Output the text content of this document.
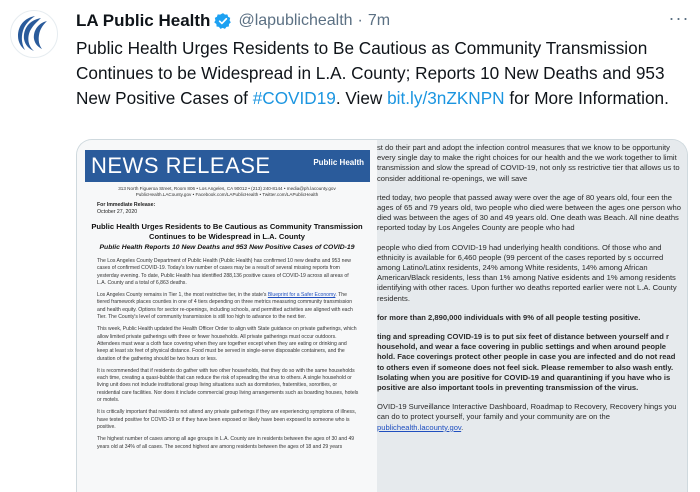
LA Public Health @lapublichealth · 7m	···
Public Health Urges Residents to Be Cautious as Community Transmission Continues to be Widespread in L.A. County; Reports 10 New Deaths and 953 New Positive Cases of #COVID19. View bit.ly/3nZKNPN for More Information.
NEWS RELEASE	Public Health
313 North Figueroa Street, Room 806 • Los Angeles, CA 90012 • (213) 240-8144 • media@ph.lacounty.gov
PublicHealth.LACounty.gov • Facebook.com/LAPublicHealth • Twitter.com/LAPublicHealth
For Immediate Release:
October 27, 2020
Public Health Urges Residents to Be Cautious as Community Transmission Continues to be Widespread in L.A. County
Public Health Reports 10 New Deaths and 953 New Positive Cases of COVID-19

The Los Angeles County Department of Public Health (Public Health) has confirmed 10 new deaths and 953 new cases of confirmed COVID-19. Today's low number of cases may be a result of several missing reports from yesterday evening. To date, Public Health has identified 288,136 positive cases of COVID-19 across all areas of L.A. County and a total of 6,863 deaths.

Los Angeles County remains in Tier 1, the most restrictive tier, in the state's Blueprint for a Safer Economy. The tiered framework places counties in one of 4 tiers depending on three metrics measuring community transmission and health equity. Options for sector re-openings, including schools, and permitted activities are aligned with each Tier. The County's level of community transmission is still too high to advance to the next tier.

This week, Public Health updated the Health Officer Order to align with State guidance on private gatherings, which allow limited private gatherings with three or fewer households. All private gatherings must occur outdoors. Attendees must wear a cloth face covering when they are together except when they are eating or drinking and keep at least six feet of physical distance. Food must be served in single-serve disposable containers, and the duration of the gathering should be two hours or less.

It is recommended that if residents do gather with two other households, that they do so with the same households each time, creating a quasi-bubble that can reduce the risk of spreading the virus to others. A single household or living unit does not include institutional group living situations such as dormitories, fraternities, sororities, or residential care facilities. Nor does it include commercial group living arrangements such as boarding houses, hotels or motels.

It is critically important that residents not attend any private gatherings if they are experiencing symptoms of illness, have tested positive for COVID-19 or if they have been exposed or likely have been exposed to someone who is positive.

The highest number of cases among all age groups in L.A. County are in residents between the ages of 30 and 49 years old at 34% of all cases. The second highest are among residents between the ages of 18 and 29 years

st do their part and adopt the infection control measures that we know to be opportunity every single day to make the right choices for our health and the we work together to limit transmission and slow the spread of COVID-19, not only ss restrictive tier that allows us to consider additional re-openings, we will save

rted today, two people that passed away were over the age of 80 years old, four een the ages of 65 and 79 years old, two people who died were between the ages one person who died was between the ages of 30 and 49 years old. One death was Beach. All nine deaths reported today by Los Angeles County are people who had

people who died from COVID-19 had underlying health conditions. Of those who and ethnicity is available for 6,460 people (99 percent of the cases reported by s occurred among Latino/Latinx residents, 24% among White residents, 14% among African American/Black residents, less than 1% among Native esidents and 1% among residents identifying with other races. Upon further wo deaths reported earlier were not L.A. County residents.

for more than 2,890,000 individuals with 9% of all people testing positive.

ting and spreading COVID-19 is to put six feet of distance between yourself and r household, and wear a face covering in public settings and when around people hold. Face coverings protect other people in case you are infected and do not read to others even if someone does not feel sick. Please remember to also wash ently. Isolating when you are positive for COVID-19 and quarantining if you have who is positive are also important tools in preventing transmission of the virus.

OVID-19 Surveillance Interactive Dashboard, Roadmap to Recovery, Recovery hings you can do to protect yourself, your family and your community are on the publichealth.lacounty.gov.
